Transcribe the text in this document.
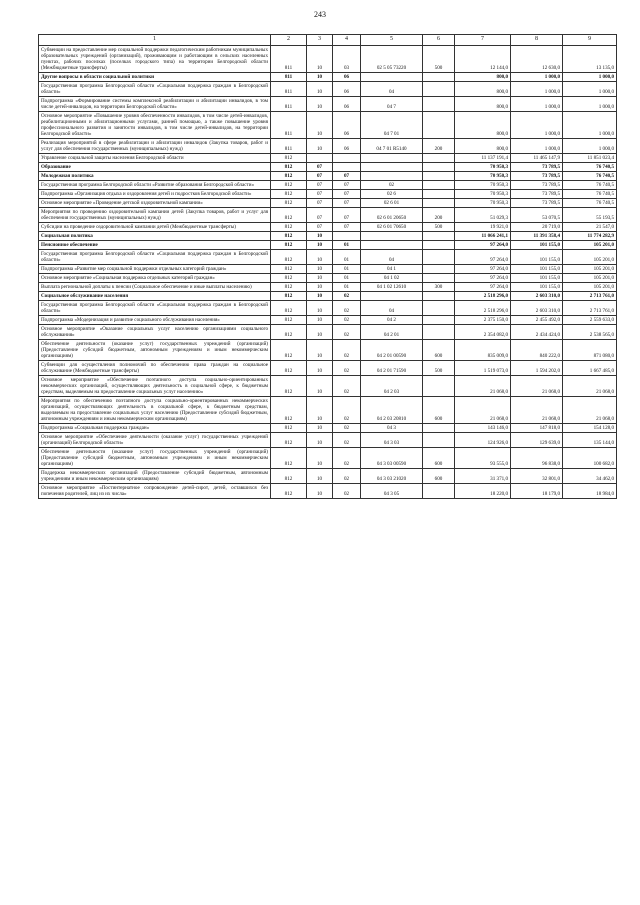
243
1	2	3	4	5	6	7	8	9
Субвенции на предоставление мер социальной поддержки педагогическим работникам муниципальных образовательных учреждений (организаций), проживающим и работающим в сельских населенных пунктах, рабочих поселках (поселках городского типа) на территории Белгородской области (Межбюджетные трансферты)	811	10	03	02 5 05 73220	500	12 144,0	12 630,0	13 135,0
Другие вопросы в области социальной политики	811	10	06			800,0	1 000,0	1 000,0
Государственная программа Белгородской области «Социальная поддержка граждан в Белгородской области»	811	10	06	04		800,0	1 000,0	1 000,0
Подпрограмма «Формирование системы комплексной реабилитации и абилитации инвалидов, в том числе детей-инвалидов, на территории Белгородской области»	811	10	06	04 7		800,0	1 000,0	1 000,0
Основное мероприятие «Повышение уровня обеспеченности инвалидов, в том числе детей-инвалидов, реабилитационными и абилитационными услугами, ранней помощью, а также повышение уровня профессионального развития и занятости инвалидов, в том числе детей-инвалидов, на территории Белгородской области»	811	10	06	04 7 01		800,0	1 000,0	1 000,0
Реализация мероприятий в сфере реабилитации и абилитации инвалидов (Закупка товаров, работ и услуг для обеспечения государственных (муниципальных) нужд)	811	10	06	04 7 01 R5140	200	800,0	1 000,0	1 000,0
Управление социальной защиты населения Белгородской области	812					11 137 191,4	11 465 147,9	11 851 023,4
Образование	812	07				70 950,3	73 789,5	76 740,5
Молодежная политика	812	07	07			70 950,3	73 789,5	76 740,5
Государственная программа Белгородской области «Развитие образования Белгородской области»	812	07	07	02		70 950,3	73 789,5	76 740,5
Подпрограмма «Организация отдыха и оздоровления детей и подростков Белгородской области»	812	07	07	02 6		70 950,3	73 789,5	76 740,5
Основное мероприятие «Проведение детской оздоровительной кампании»	812	07	07	02 6 01		70 950,3	73 789,5	76 740,5
Мероприятия по проведению оздоровительной кампании детей (Закупка товаров, работ и услуг для обеспечения государственных (муниципальных) нужд)	812	07	07	02 6 01 20650	200	51 029,3	53 070,5	55 193,5
Субсидии на проведение оздоровительной кампании детей (Межбюджетные трансферты)	812	07	07	02 6 01 70650	500	19 921,0	20 719,0	21 547,0
Социальная политика	812	10				11 066 241,1	11 391 358,4	11 774 282,9
Пенсионное обеспечение	812	10	01			97 264,0	101 155,0	105 201,0
Государственная программа Белгородской области «Социальная поддержка граждан в Белгородской области»	812	10	01	04		97 264,0	101 155,0	105 201,0
Подпрограмма «Развитие мер социальной поддержки отдельных категорий граждан»	812	10	01	04 1		97 264,0	101 155,0	105 201,0
Основное мероприятие «Социальная поддержка отдельных категорий граждан»	812	10	01	04 1 02		97 264,0	101 155,0	105 201,0
Выплата региональной доплаты к пенсии (Социальное обеспечение и иные выплаты населению)	812	10	01	04 1 02 12610	300	97 264,0	101 155,0	105 201,0
Социальное обслуживание населения	812	10	02			2 518 296,0	2 603 310,0	2 713 761,0
Государственная программа Белгородской области «Социальная поддержка граждан в Белгородской области»	812	10	02	04		2 518 296,0	2 603 310,0	2 713 761,0
Подпрограмма «Модернизация и развитие социального обслуживания населения»	812	10	02	04 2		2 375 150,0	2 455 492,0	2 559 633,0
Основное мероприятие «Оказание социальных услуг населению организациями социального обслуживания»	812	10	02	04 2 01		2 354 082,0	2 434 424,0	2 538 565,0
Обеспечение деятельности (оказание услуг) государственных учреждений (организаций) (Предоставление субсидий бюджетным, автономным учреждениям и иным некоммерческим организациям)	812	10	02	04 2 01 00590	600	835 009,0	840 222,0	871 080,0
Субвенции для осуществления полномочий по обеспечению права граждан на социальное обслуживание (Межбюджетные трансферты)	812	10	02	04 2 01 71590	500	1 519 073,0	1 594 202,0	1 667 485,0
Основное мероприятие «Обеспечение поэтапного доступа социально-ориентированных некоммерческих организаций, осуществляющих деятельность в социальной сфере, к бюджетным средствам, выделяемым на предоставление социальных услуг населению»	812	10	02	04 2 03		21 068,0	21 068,0	21 068,0
Мероприятия по обеспечению поэтапного доступа социально-ориентированных некоммерческих организаций, осуществляющих деятельность в социальной сфере, к бюджетным средствам, выделяемым на предоставление социальных услуг населению (Предоставление субсидий бюджетным, автономным учреждениям и иным некоммерческим организациям)	812	10	02	04 2 03 20810	600	21 068,0	21 068,0	21 068,0
Подпрограмма «Социальная поддержка граждан»	812	10	02	04 3		143 146,0	147 818,0	154 128,0
Основное мероприятие «Обеспечение деятельности (оказание услуг) государственных учреждений (организаций) Белгородской области»	812	10	02	04 3 03		124 926,0	129 639,0	135 144,0
Обеспечение деятельности (оказание услуг) государственных учреждений (организаций) (Предоставление субсидий бюджетным, автономным учреждениям и иным некоммерческим организациям)	812	10	02	04 3 03 00590	600	93 555,0	96 838,0	100 682,0
Поддержка некоммерческих организаций (Предоставление субсидий бюджетным, автономным учреждениям и иным некоммерческим организациям)	812	10	02	04 3 03 21020	600	31 371,0	32 801,0	34 462,0
Основное мероприятие «Постинтернатное сопровождение детей-сирот, детей, оставшихся без попечения родителей, лиц из их числа»	812	10	02	04 3 05		18 220,0	18 179,0	18 984,0
